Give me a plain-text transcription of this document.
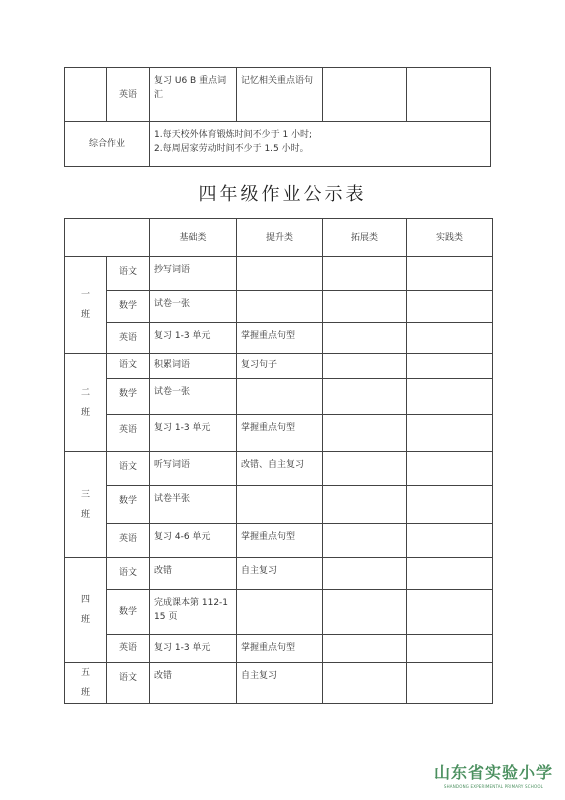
	英语	复习 U6 B 重点词汇	记忆相关重点语句		
综合作业		1.每天校外体育锻炼时间不少于 1 小时;
2.每周居家劳动时间不少于 1.5 小时。			
四年级作业公示表
		基础类	提升类	拓展类	实践类

一
班	语文	抄写词语			
	数学	试卷一张			
	英语	复习 1-3 单元	掌握重点句型		

二
班	语文	积累词语	复习句子		
	数学	试卷一张			
	英语	复习 1-3 单元	掌握重点句型		

三
班	语文	听写词语	改错、自主复习		
	数学	试卷半张			
	英语	复习 4-6 单元	掌握重点句型		

四
班	语文	改错	自主复习		
	数学	完成课本第 112-115 页			
	英语	复习 1-3 单元	掌握重点句型		

五
班	语文	改错	自主复习		
山东省实验小学
SHANDONG EXPERIMENTAL PRIMARY SCHOOL
